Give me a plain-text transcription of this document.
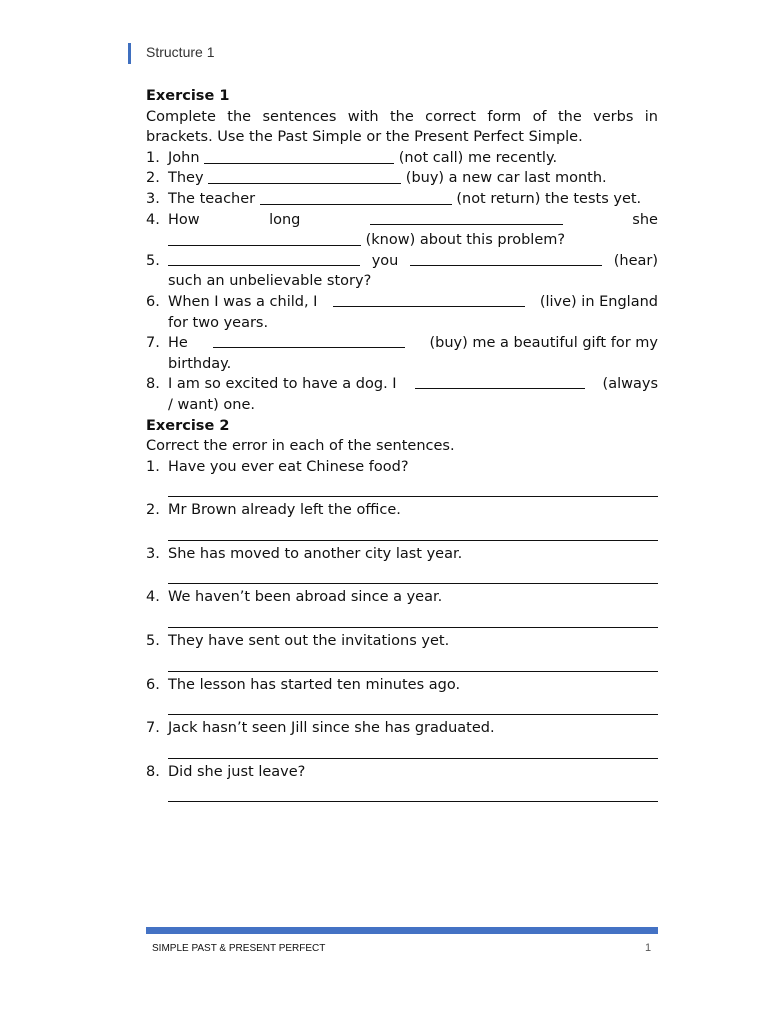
Structure 1
Exercise 1
Complete the sentences with the correct form of the verbs in brackets. Use the Past Simple or the Present Perfect Simple.
1. John	(not call) me recently.
2. They	(buy) a new car last month.
3. The teacher	(not return) the tests yet.
4. How	long	she
(know) about this problem?
5.	you	(hear)
such an unbelievable story?
6. When I was a child, I	(live) in England
for two years.
7. He	(buy) me a beautiful gift for my
birthday.
8. I am so excited to have a dog. I	(always
/ want) one.
Exercise 2
Correct the error in each of the sentences.
1. Have you ever eat Chinese food?
2. Mr Brown already left the office.
3. She has moved to another city last year.
4. We haven’t been abroad since a year.
5. They have sent out the invitations yet.
6. The lesson has started ten minutes ago.
7. Jack hasn’t seen Jill since she has graduated.
8. Did she just leave?
SIMPLE PAST & PRESENT PERFECT	1
